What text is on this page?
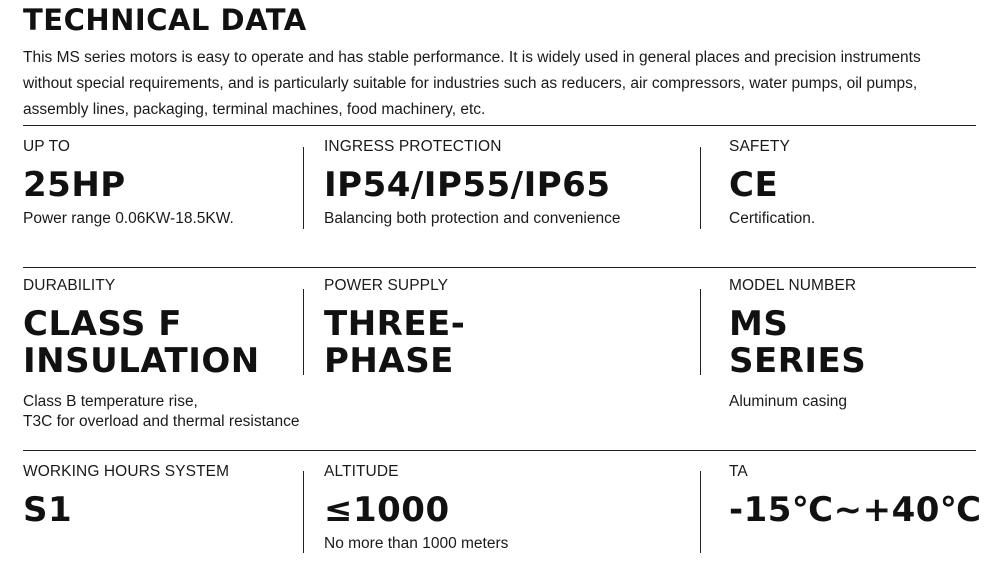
TECHNICAL DATA
This MS series motors is easy to operate and has stable performance. It is widely used in general places and precision instruments
without special requirements, and is particularly suitable for industries such as reducers, air compressors, water pumps, oil pumps,
assembly lines, packaging, terminal machines, food machinery, etc.
UP TO
25HP
Power range 0.06KW-18.5KW.
INGRESS PROTECTION
IP54/IP55/IP65
Balancing both protection and convenience
SAFETY
CE
Certification.
DURABILITY
CLASS F
INSULATION
Class B temperature rise,
T3C for overload and thermal resistance
POWER SUPPLY
THREE-
PHASE
MODEL NUMBER
MS
SERIES
Aluminum casing
WORKING HOURS SYSTEM
S1
ALTITUDE
≤1000
No more than 1000 meters
TA
-15℃~+40℃
